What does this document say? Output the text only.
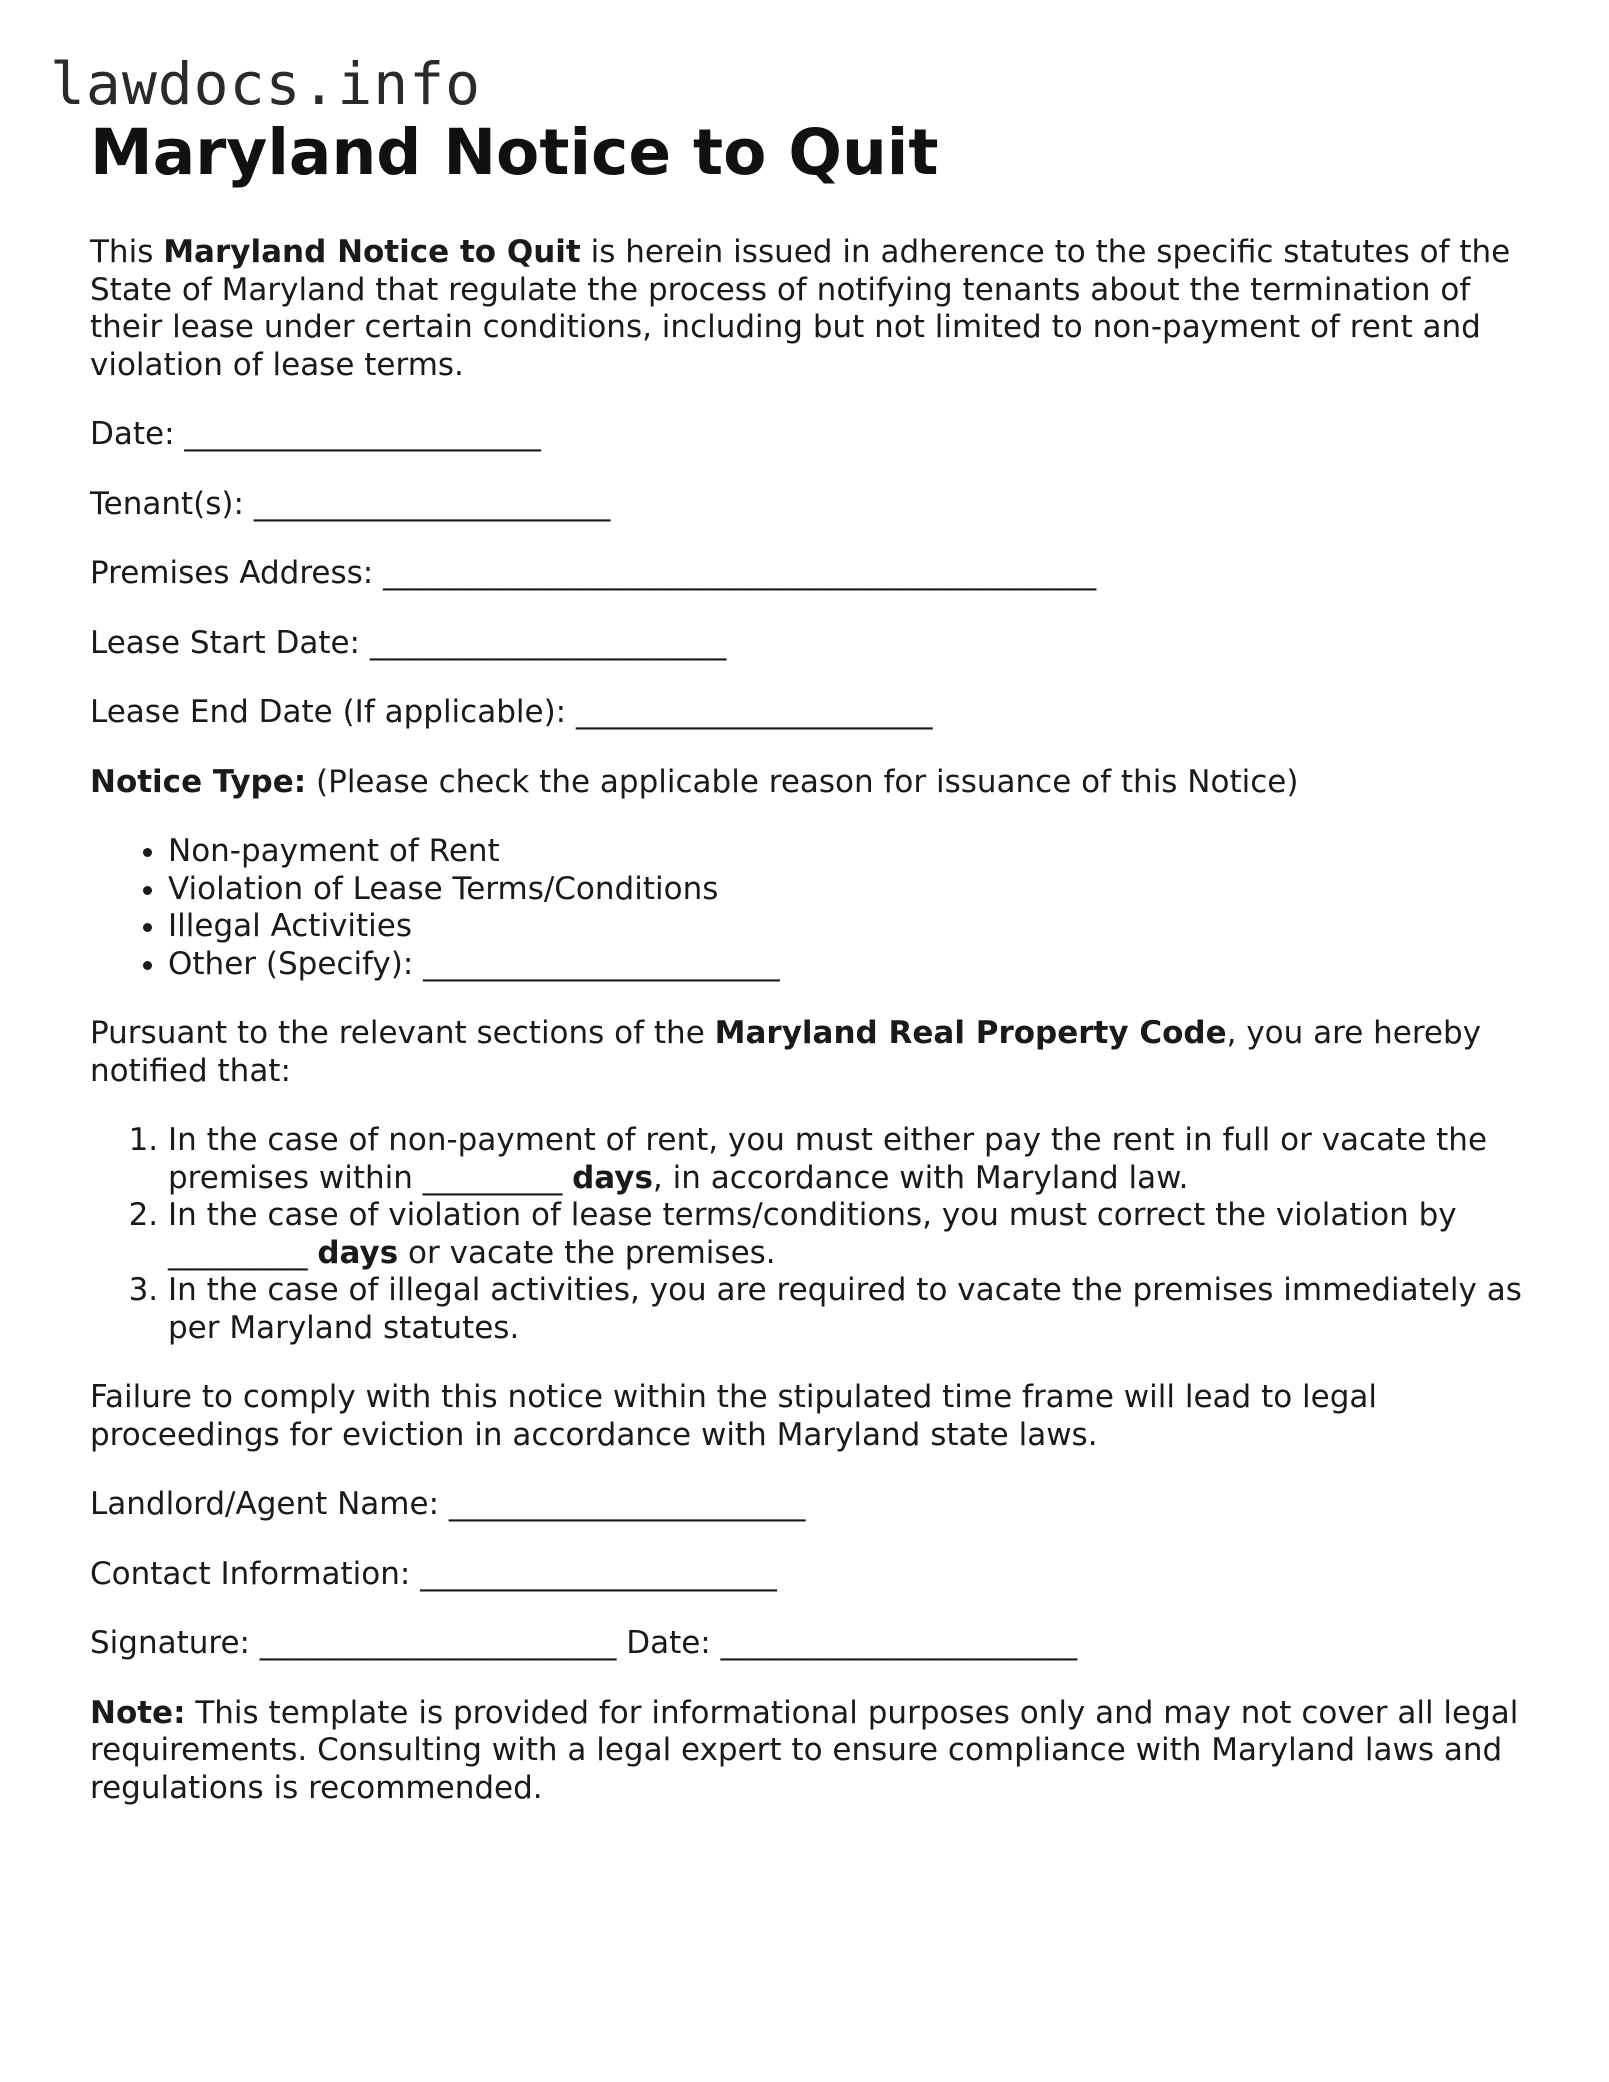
lawdocs.info
Maryland Notice to Quit

This Maryland Notice to Quit is herein issued in adherence to the specific statutes of the State of Maryland that regulate the process of notifying tenants about the termination of their lease under certain conditions, including but not limited to non-payment of rent and violation of lease terms.

Date: _______________________

Tenant(s): _______________________

Premises Address: ______________________________________________

Lease Start Date: _______________________

Lease End Date (If applicable): _______________________

Notice Type: (Please check the applicable reason for issuance of this Notice)

• Non-payment of Rent
• Violation of Lease Terms/Conditions
• Illegal Activities
• Other (Specify): _______________________

Pursuant to the relevant sections of the Maryland Real Property Code, you are hereby notified that:

1. In the case of non-payment of rent, you must either pay the rent in full or vacate the premises within _________ days, in accordance with Maryland law.
2. In the case of violation of lease terms/conditions, you must correct the violation by _________ days or vacate the premises.
3. In the case of illegal activities, you are required to vacate the premises immediately as per Maryland statutes.

Failure to comply with this notice within the stipulated time frame will lead to legal proceedings for eviction in accordance with Maryland state laws.

Landlord/Agent Name: _______________________

Contact Information: _______________________

Signature: _______________________ Date: _______________________

Note: This template is provided for informational purposes only and may not cover all legal requirements. Consulting with a legal expert to ensure compliance with Maryland laws and regulations is recommended.
